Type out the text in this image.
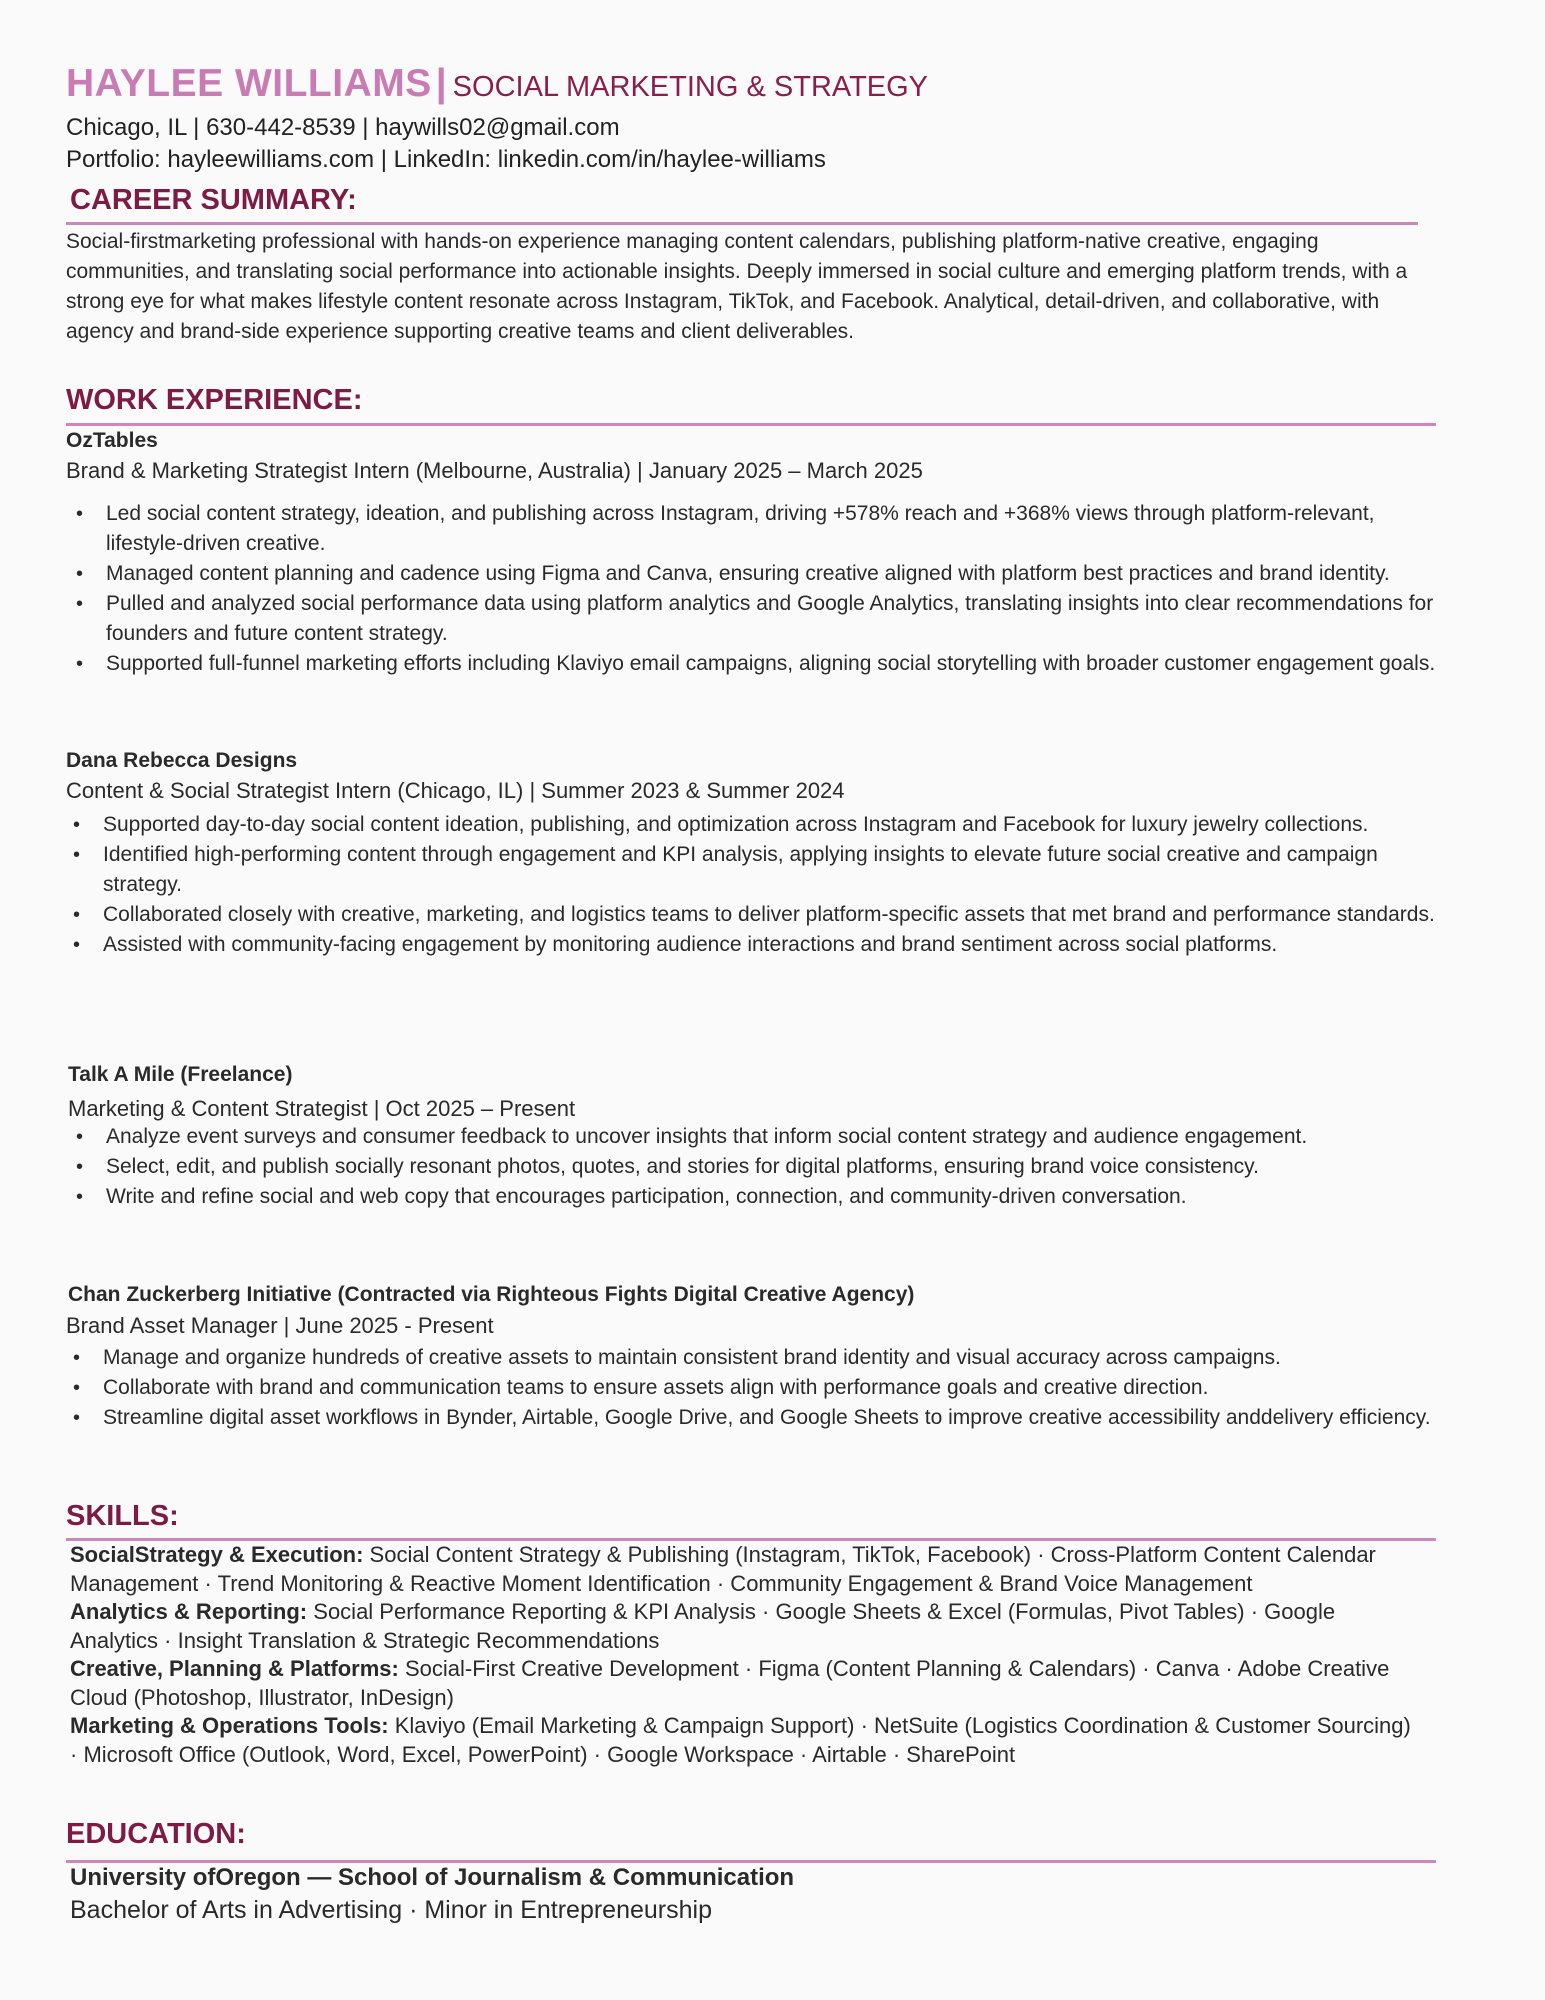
HAYLEE WILLIAMS | SOCIAL MARKETING & STRATEGY
Chicago, IL | 630-442-8539 | haywills02@gmail.com
Portfolio: hayleewilliams.com | LinkedIn: linkedin.com/in/haylee-williams
CAREER SUMMARY:
Social-firstmarketing professional with hands-on experience managing content calendars, publishing platform-native creative, engaging communities, and translating social performance into actionable insights. Deeply immersed in social culture and emerging platform trends, with a strong eye for what makes lifestyle content resonate across Instagram, TikTok, and Facebook. Analytical, detail-driven, and collaborative, with agency and brand-side experience supporting creative teams and client deliverables.
WORK EXPERIENCE:
OzTables
Brand & Marketing Strategist Intern (Melbourne, Australia) | January 2025 – March 2025
• Led social content strategy, ideation, and publishing across Instagram, driving +578% reach and +368% views through platform-relevant, lifestyle-driven creative.
• Managed content planning and cadence using Figma and Canva, ensuring creative aligned with platform best practices and brand identity.
• Pulled and analyzed social performance data using platform analytics and Google Analytics, translating insights into clear recommendations for founders and future content strategy.
• Supported full-funnel marketing efforts including Klaviyo email campaigns, aligning social storytelling with broader customer engagement goals.
Dana Rebecca Designs
Content & Social Strategist Intern (Chicago, IL) | Summer 2023 & Summer 2024
• Supported day-to-day social content ideation, publishing, and optimization across Instagram and Facebook for luxury jewelry collections.
• Identified high-performing content through engagement and KPI analysis, applying insights to elevate future social creative and campaign strategy.
• Collaborated closely with creative, marketing, and logistics teams to deliver platform-specific assets that met brand and performance standards.
• Assisted with community-facing engagement by monitoring audience interactions and brand sentiment across social platforms.
Talk A Mile (Freelance)
Marketing & Content Strategist | Oct 2025 – Present
• Analyze event surveys and consumer feedback to uncover insights that inform social content strategy and audience engagement.
• Select, edit, and publish socially resonant photos, quotes, and stories for digital platforms, ensuring brand voice consistency.
• Write and refine social and web copy that encourages participation, connection, and community-driven conversation.
Chan Zuckerberg Initiative (Contracted via Righteous Fights Digital Creative Agency)
Brand Asset Manager | June 2025 - Present
• Manage and organize hundreds of creative assets to maintain consistent brand identity and visual accuracy across campaigns.
• Collaborate with brand and communication teams to ensure assets align with performance goals and creative direction.
• Streamline digital asset workflows in Bynder, Airtable, Google Drive, and Google Sheets to improve creative accessibility anddelivery efficiency.
SKILLS:
SocialStrategy & Execution: Social Content Strategy & Publishing (Instagram, TikTok, Facebook) · Cross-Platform Content Calendar Management · Trend Monitoring & Reactive Moment Identification · Community Engagement & Brand Voice Management
Analytics & Reporting: Social Performance Reporting & KPI Analysis · Google Sheets & Excel (Formulas, Pivot Tables) · Google Analytics · Insight Translation & Strategic Recommendations
Creative, Planning & Platforms: Social-First Creative Development · Figma (Content Planning & Calendars) · Canva · Adobe Creative Cloud (Photoshop, Illustrator, InDesign)
Marketing & Operations Tools: Klaviyo (Email Marketing & Campaign Support) · NetSuite (Logistics Coordination & Customer Sourcing) · Microsoft Office (Outlook, Word, Excel, PowerPoint) · Google Workspace · Airtable · SharePoint
EDUCATION:
University ofOregon — School of Journalism & Communication
Bachelor of Arts in Advertising · Minor in Entrepreneurship
